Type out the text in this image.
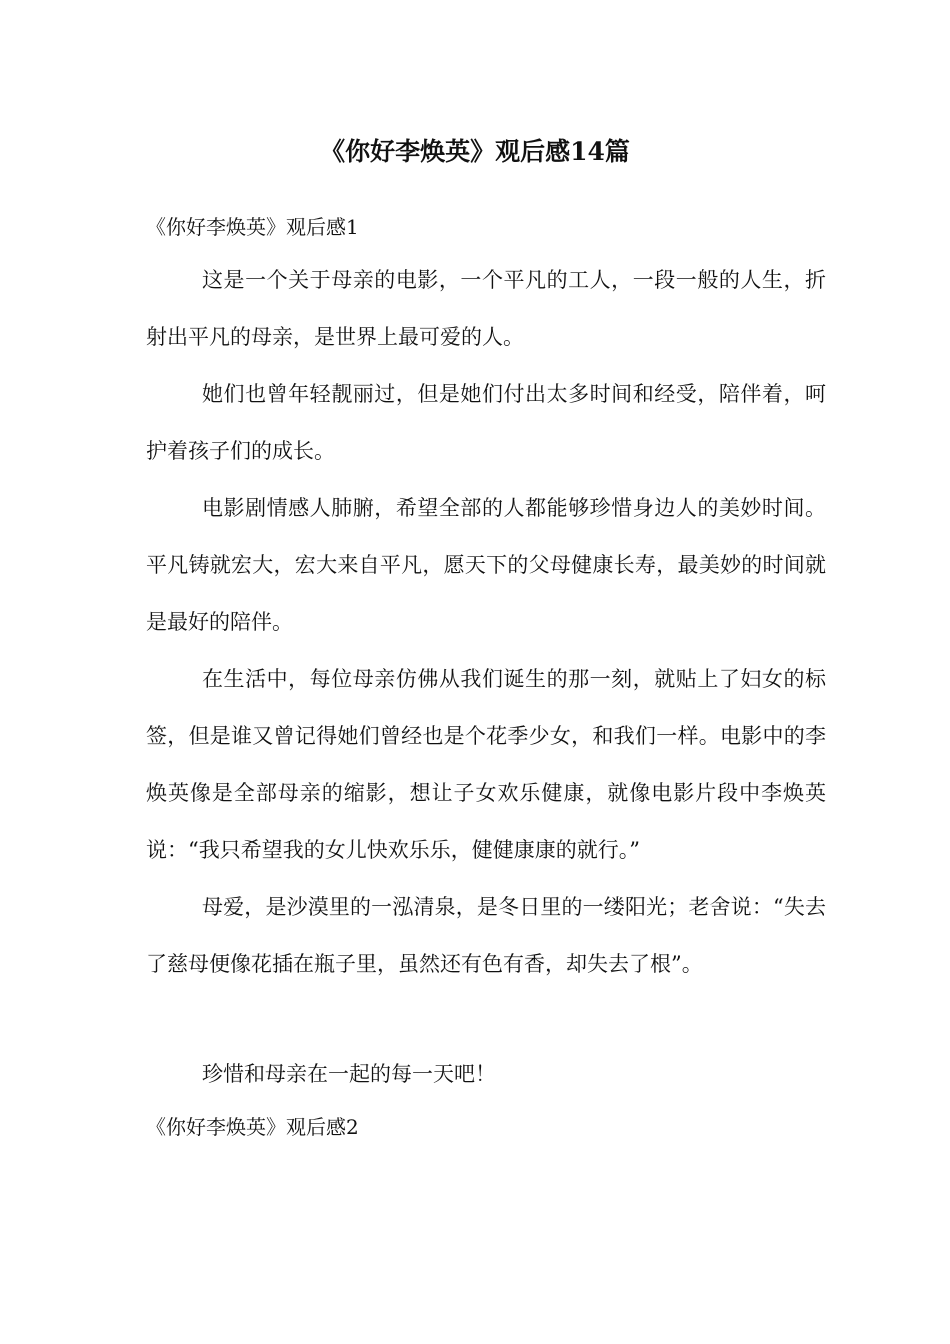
《你好李焕英》观后感14篇

《你好李焕英》观后感1

这是一个关于母亲的电影，一个平凡的工人，一段一般的人生，折射出平凡的母亲，是世界上最可爱的人。

她们也曾年轻靓丽过，但是她们付出太多时间和经受，陪伴着，呵护着孩子们的成长。

电影剧情感人肺腑，希望全部的人都能够珍惜身边人的美妙时间。平凡铸就宏大，宏大来自平凡，愿天下的父母健康长寿，最美妙的时间就是最好的陪伴。

在生活中，每位母亲仿佛从我们诞生的那一刻，就贴上了妇女的标签，但是谁又曾记得她们曾经也是个花季少女，和我们一样。电影中的李焕英像是全部母亲的缩影，想让子女欢乐健康，就像电影片段中李焕英说：“我只希望我的女儿快欢乐乐，健健康康的就行。”

母爱，是沙漠里的一泓清泉，是冬日里的一缕阳光；老舍说：“失去了慈母便像花插在瓶子里，虽然还有色有香，却失去了根”。

珍惜和母亲在一起的每一天吧！

《你好李焕英》观后感2
